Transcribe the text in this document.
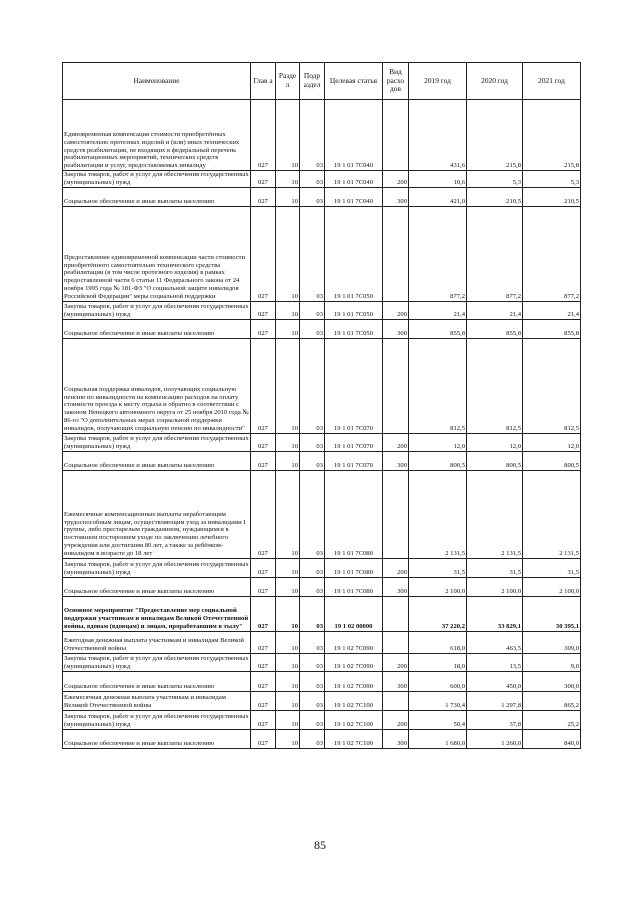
Наименование	Глав а	Разде л	Подр аздел	Целевая статья	Вид расхо дов	2019 год	2020 год	2021 год
Единовременная компенсация стоимости приобретённых самостоятельно протезных изделий и (или) иных технических средств реабилитации, не входящих в федеральный перечень реабилитационных мероприятий, технических средств реабилитации и услуг, предоставляемых инвалиду	027	10	03	19 1 01 7С040		431,6	215,8	215,8
Закупка товаров, работ и услуг для обеспечения государственных (муниципальных) нужд	027	10	03	19 1 01 7С040	200	10,6	5,3	5,3
Социальное обеспечение и иные выплаты населению	027	10	03	19 1 01 7С040	300	421,0	210,5	210,5
Предоставление единовременной компенсации части стоимости приобретённого самостоятельно технического средства реабилитации (в том числе протезного изделия) в рамках предоставленной части 6 статьи 11 Федерального закона от 24 ноября 1995 года № 181-ФЗ "О социальной защите инвалидов Российской Федерации" меры социальной поддержки	027	10	03	19 1 01 7С050		877,2	877,2	877,2
Закупка товаров, работ и услуг для обеспечения государственных (муниципальных) нужд	027	10	03	19 1 01 7С050	200	21,4	21,4	21,4
Социальное обеспечение и иные выплаты населению	027	10	03	19 1 01 7С050	300	855,8	855,8	855,8
Социальная поддержка инвалидов, получающих социальную пенсию по инвалидности на компенсацию расходов на оплату стоимости проезда к месту отдыха и обратно в соответствии с законом Ненецкого автономного округа от 25 ноября 2010 года № 86-оз "О дополнительных мерах социальной поддержки инвалидов, получающих социальную пенсию по инвалидности"	027	10	03	19 1 01 7С070		812,5	812,5	812,5
Закупка товаров, работ и услуг для обеспечения государственных (муниципальных) нужд	027	10	03	19 1 01 7С070	200	12,0	12,0	12,0
Социальное обеспечение и иные выплаты населению	027	10	03	19 1 01 7С070	300	800,5	800,5	800,5
Ежемесячные компенсационные выплаты неработающим трудоспособным лицам, осуществляющим уход за инвалидами I группы, либо престарелым гражданином, нуждающимся в постоянном постороннем уходе по заключению лечебного учреждения или достигшим 80 лет, а также за ребёнком-инвалидом в возрасте до 18 лет	027	10	03	19 1 01 7С080		2 131,5	2 131,5	2 131,5
Закупка товаров, работ и услуг для обеспечения государственных (муниципальных) нужд	027	10	03	19 1 01 7С080	200	31,5	31,5	31,5
Социальное обеспечение и иные выплаты населению	027	10	03	19 1 01 7С080	300	2 100,0	2 100,0	2 100,0
Основное мероприятие "Предоставление мер социальной поддержки участникам и инвалидам Великой Отечественной войны, вдовам (вдовцам) и лицам, проработавшим в тылу"	027	10	03	19 1 02 00000		37 220,2	33 829,1	30 395,1
Ежегодная денежная выплата участникам и инвалидам Великой Отечественной войны	027	10	03	19 1 02 7С090		618,0	463,5	309,0
Закупка товаров, работ и услуг для обеспечения государственных (муниципальных) нужд	027	10	03	19 1 02 7С090	200	18,0	13,5	9,0
Социальное обеспечение и иные выплаты населению	027	10	03	19 1 02 7С090	300	600,0	450,0	300,0
Ежемесячная денежная выплата участникам и инвалидам Великой Отечественной войны	027	10	03	19 1 02 7С100		1 730,4	1 297,8	865,2
Закупка товаров, работ и услуг для обеспечения государственных (муниципальных) нужд	027	10	03	19 1 02 7С100	200	50,4	37,8	25,2
Социальное обеспечение и иные выплаты населению	027	10	03	19 1 02 7С100	300	1 680,0	1 260,0	840,0
85
